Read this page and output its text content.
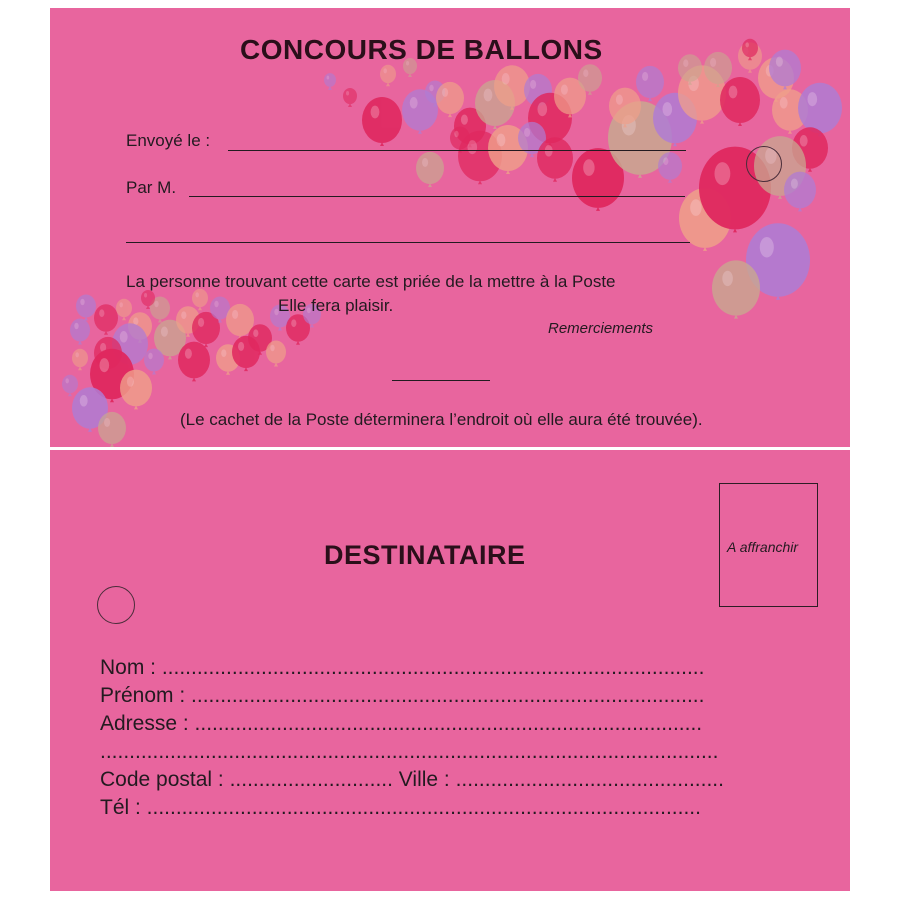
CONCOURS DE BALLONS
Envoyé le :
Par M.
La personne trouvant cette carte est priée de la mettre à la Poste
Elle fera plaisir.
Remerciements
(Le cachet de la Poste déterminera l’endroit où elle aura été trouvée).
DESTINATAIRE	A affranchir
Nom : .............................................................................................
Prénom : ........................................................................................
Adresse : .......................................................................................
..........................................................................................................
Code postal : ............................ Ville : ..............................................
Tél : ...............................................................................................
